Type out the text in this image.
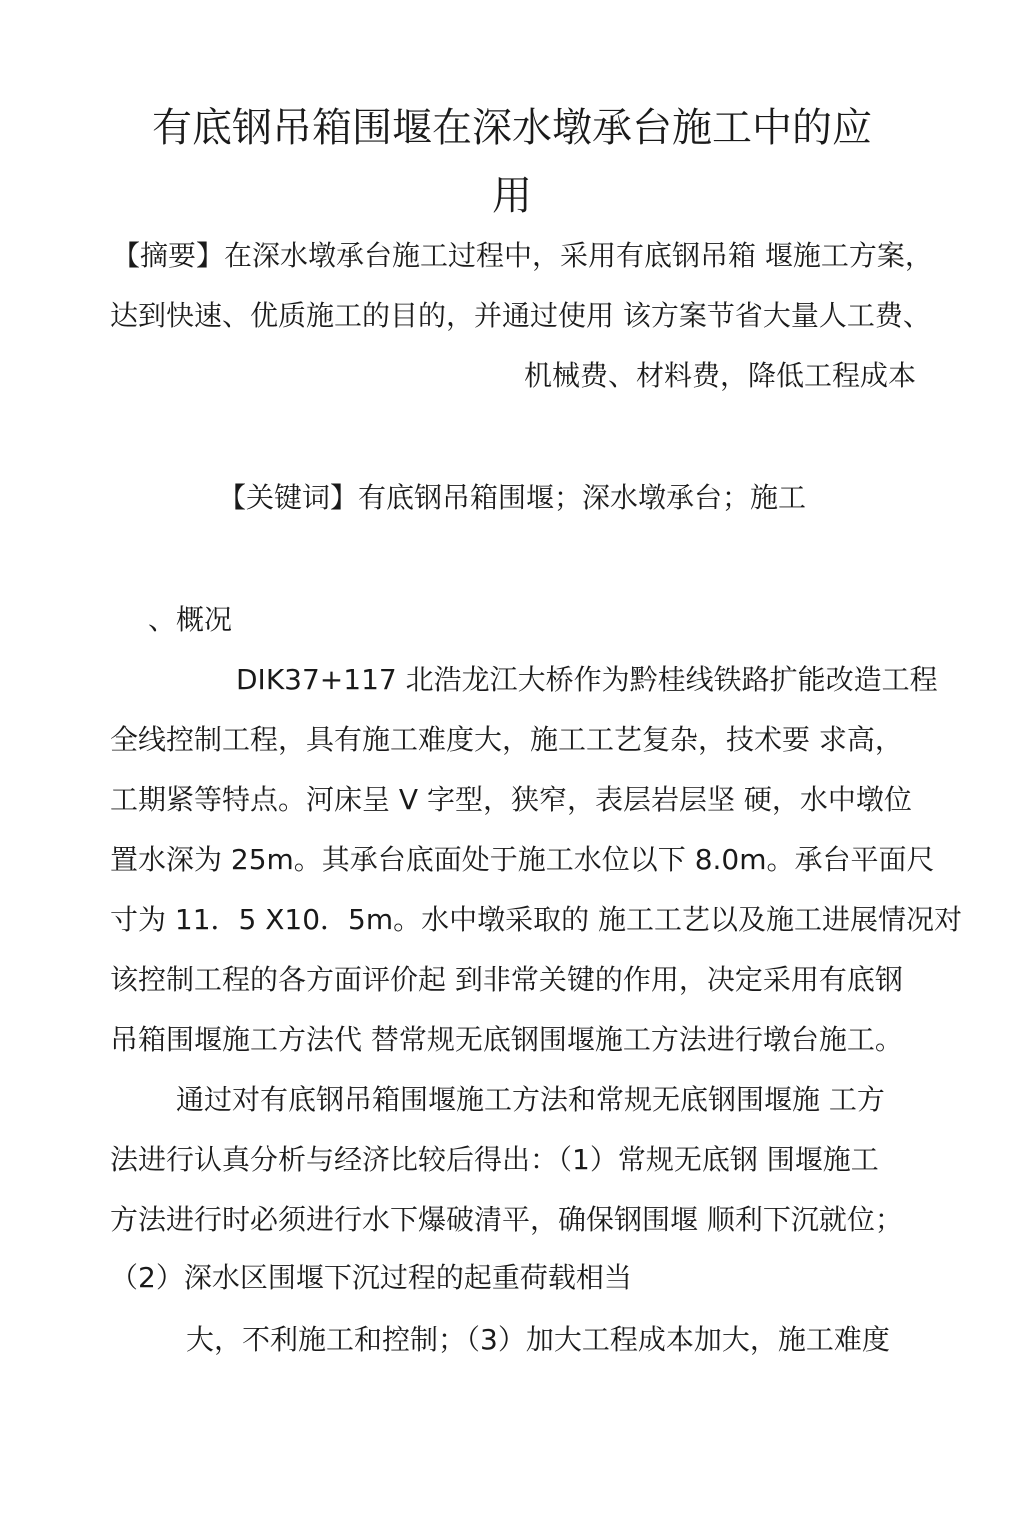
有底钢吊箱围堰在深水墩承台施工中的应
用
【摘要】在深水墩承台施工过程中，采用有底钢吊箱 堰施工方案，
达到快速、优质施工的目的，并通过使用 该方案节省大量人工费、
机械费、材料费，降低工程成本
【关键词】有底钢吊箱围堰；深水墩承台；施工
、概况
DIK37+117 北浩龙江大桥作为黔桂线铁路扩能改造工程
全线控制工程，具有施工难度大，施工工艺复杂，技术要 求高，
工期紧等特点。河床呈 V 字型，狭窄，表层岩层坚 硬，水中墩位
置水深为 25m。其承台底面处于施工水位以下 8.0m。承台平面尺
寸为 11．5 X10．5m。水中墩采取的 施工工艺以及施工进展情况对
该控制工程的各方面评价起 到非常关键的作用，决定采用有底钢
吊箱围堰施工方法代 替常规无底钢围堰施工方法进行墩台施工。
通过对有底钢吊箱围堰施工方法和常规无底钢围堰施 工方
法进行认真分析与经济比较后得出：（1）常规无底钢 围堰施工
方法进行时必须进行水下爆破清平，确保钢围堰 顺利下沉就位；
（2）深水区围堰下沉过程的起重荷载相当
大，不利施工和控制；（3）加大工程成本加大，施工难度
